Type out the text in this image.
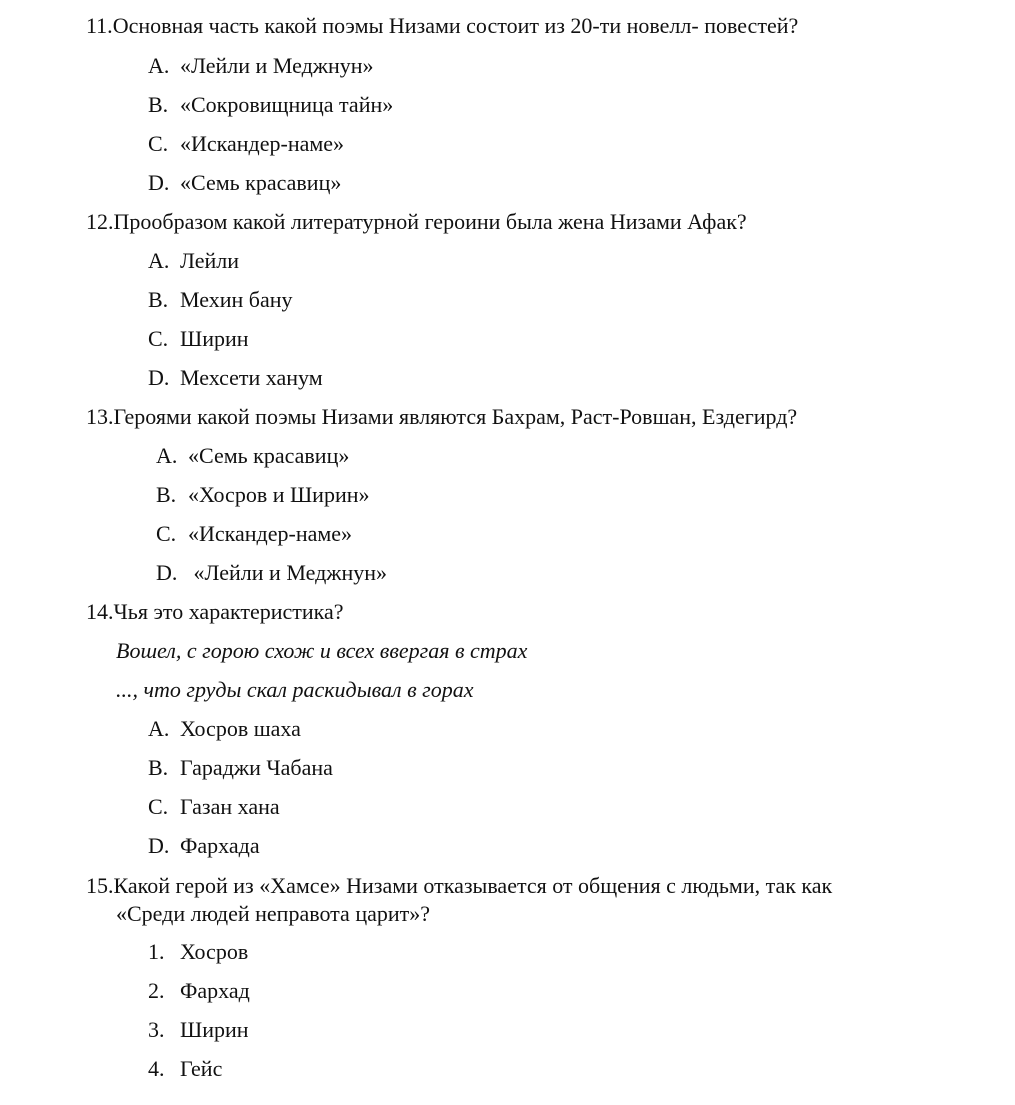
11.Основная часть какой поэмы Низами состоит из 20-ти новелл- повестей?
A. «Лейли и Меджнун»
B. «Сокровищница тайн»
C. «Искандер-наме»
D. «Семь красавиц»
12.Прообразом какой литературной героини была жена Низами Афак?
A. Лейли
B. Мехин бану
C. Ширин
D. Мехсети ханум
13.Героями какой поэмы Низами являются Бахрам, Раст-Ровшан, Ездегирд?
A. «Семь красавиц»
B. «Хосров и Ширин»
C. «Искандер-наме»
D. «Лейли и Меджнун»
14.Чья это характеристика?
Вошел, с горою схож и всех ввергая в страх
..., что груды скал раскидывал в горах
A. Хосров шаха
B. Гараджи Чабана
C. Газан хана
D. Фархада
15.Какой герой из «Хамсе» Низами отказывается от общения с людьми, так как
«Среди людей неправота царит»?
1. Хосров
2. Фархад
3. Ширин
4. Гейс
